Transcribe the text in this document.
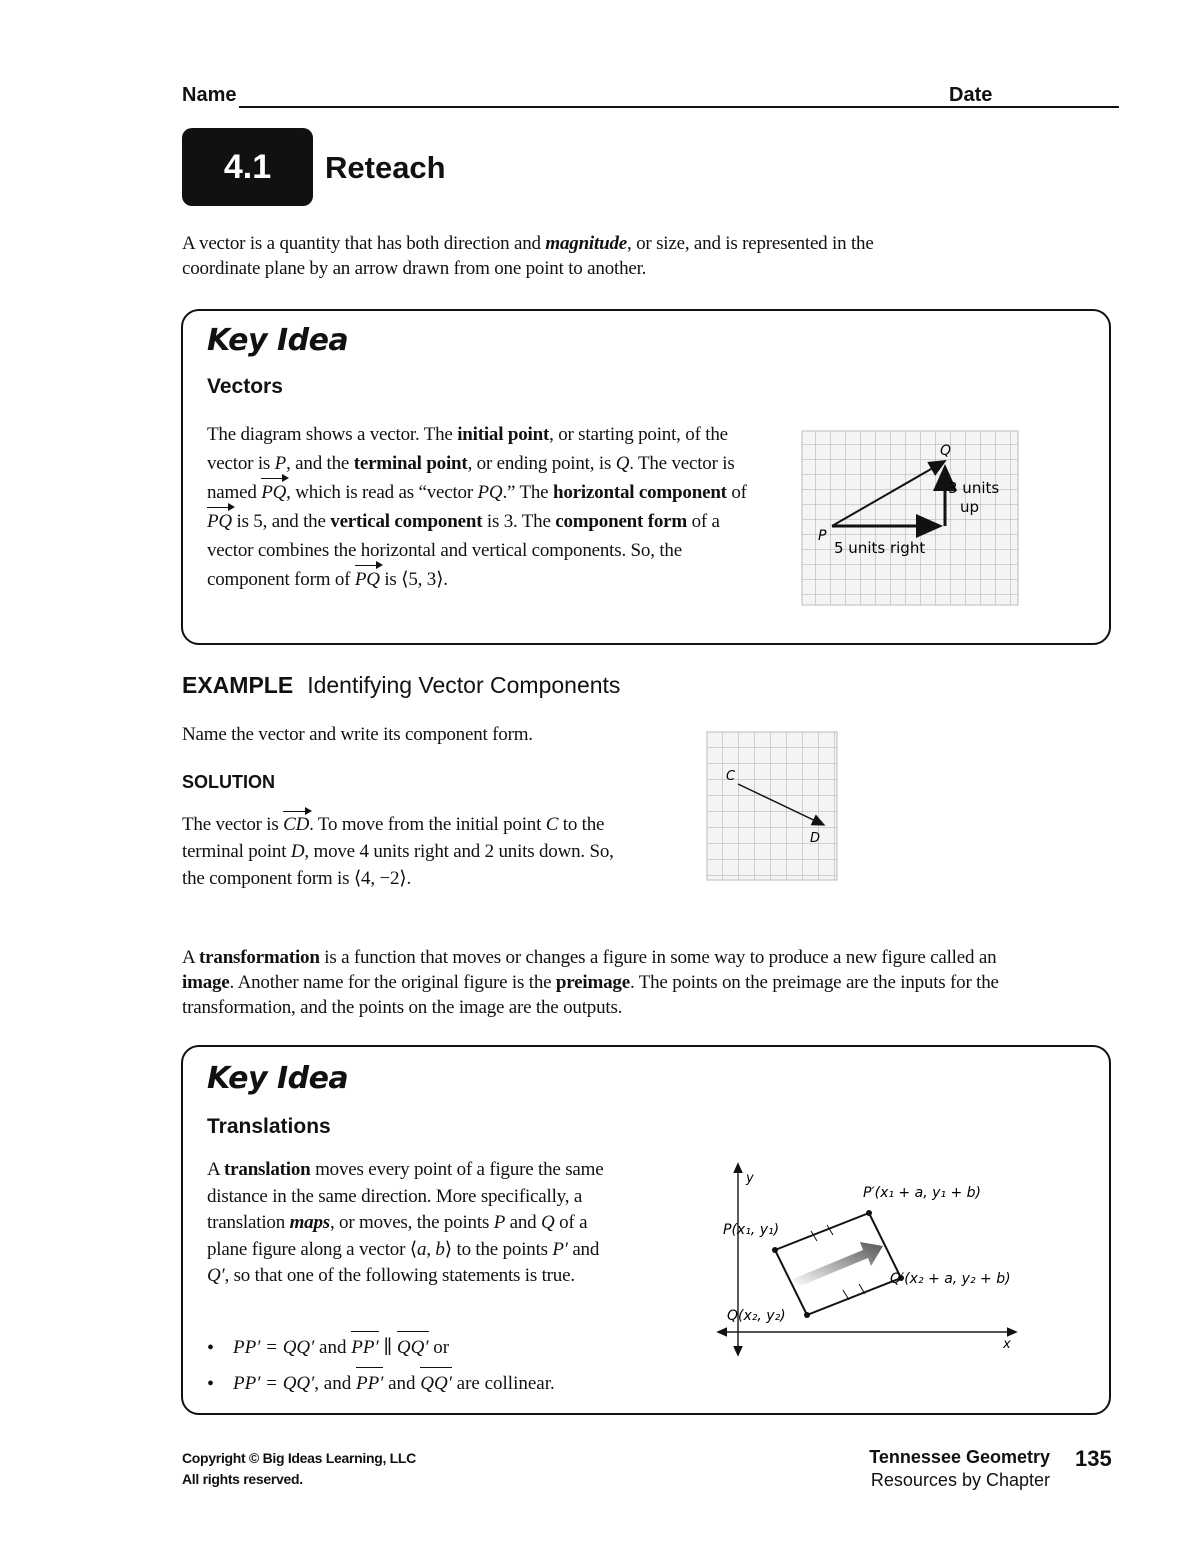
Name	Date
4.1	Reteach
A vector is a quantity that has both direction and magnitude, or size, and is represented in the coordinate plane by an arrow drawn from one point to another.
Key Idea
Vectors
The diagram shows a vector. The initial point, or starting point, of the vector is P, and the terminal point, or ending point, is Q. The vector is named PQ, which is read as “vector PQ.” The horizontal component of PQ is 5, and the vertical component is 3. The component form of a vector combines the horizontal and vertical components. So, the component form of PQ is ⟨5, 3⟩.
P
Q
5 units right
3 units
up
EXAMPLE Identifying Vector Components
Name the vector and write its component form.
SOLUTION
The vector is CD. To move from the initial point C to the terminal point D, move 4 units right and 2 units down. So, the component form is ⟨4, −2⟩.
C
D
A transformation is a function that moves or changes a figure in some way to produce a new figure called an image. Another name for the original figure is the preimage. The points on the preimage are the inputs for the transformation, and the points on the image are the outputs.
Key Idea
Translations
A translation moves every point of a figure the same distance in the same direction. More specifically, a translation maps, or moves, the points P and Q of a plane figure along a vector ⟨a, b⟩ to the points P′ and Q′, so that one of the following statements is true.
• PP′ = QQ′ and PP′ ∥ QQ′ or
• PP′ = QQ′, and PP′ and QQ′ are collinear.
y
x
P(x₁, y₁)
P′(x₁ + a, y₁ + b)
Q′(x₂ + a, y₂ + b)
Q(x₂, y₂)
Copyright © Big Ideas Learning, LLC
All rights reserved.
Tennessee Geometry
Resources by Chapter
135
